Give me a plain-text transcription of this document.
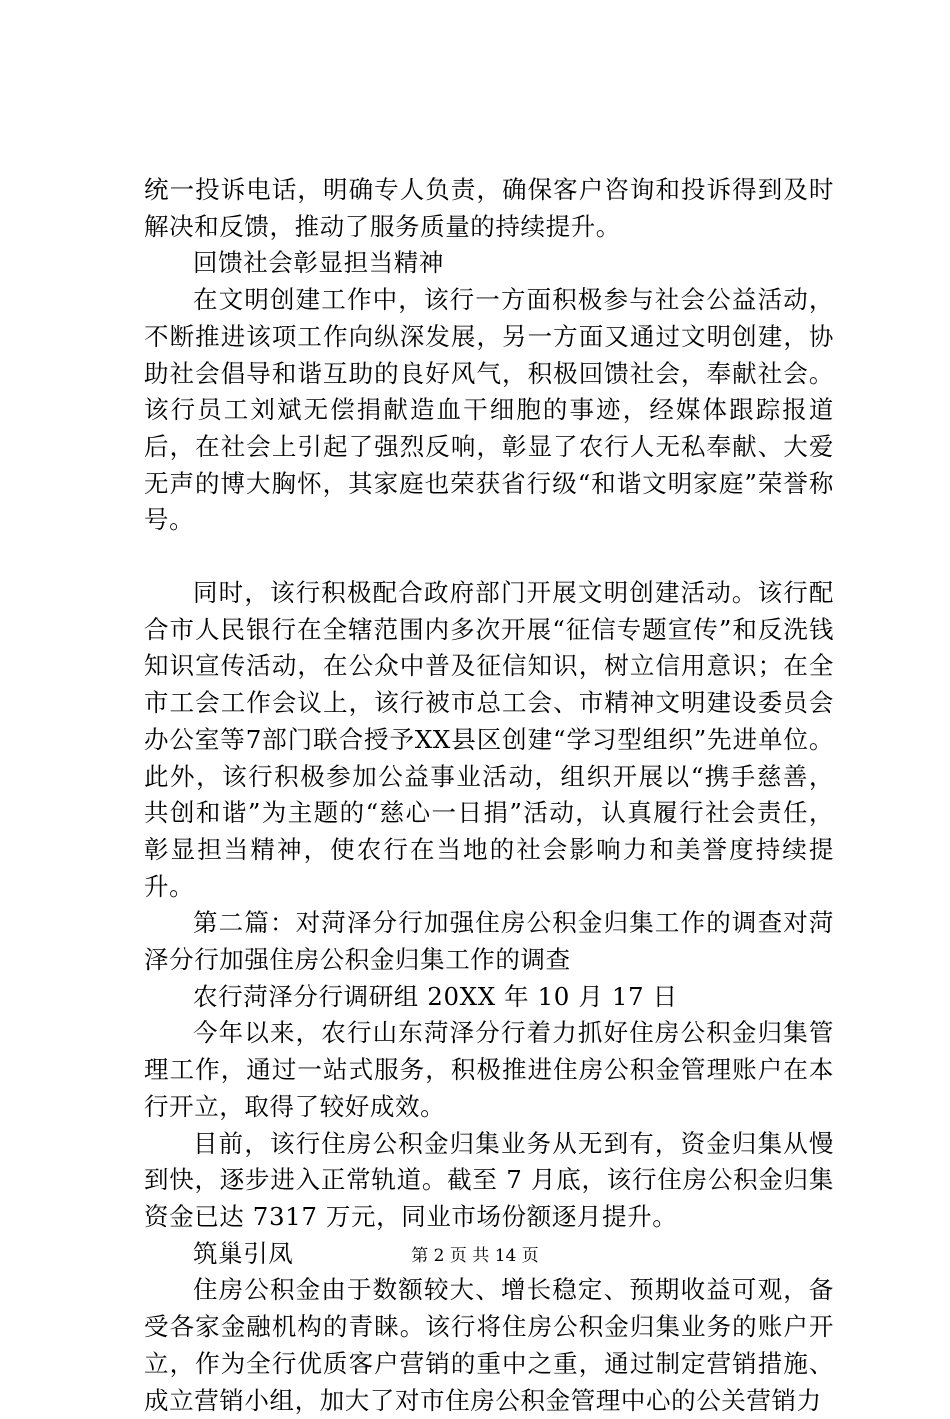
统一投诉电话，明确专人负责，确保客户咨询和投诉得到及时解决和反馈，推动了服务质量的持续提升。

回馈社会彰显担当精神

在文明创建工作中，该行一方面积极参与社会公益活动，不断推进该项工作向纵深发展，另一方面又通过文明创建，协助社会倡导和谐互助的良好风气，积极回馈社会，奉献社会。该行员工刘斌无偿捐献造血干细胞的事迹，经媒体跟踪报道后，在社会上引起了强烈反响，彰显了农行人无私奉献、大爱无声的博大胸怀，其家庭也荣获省行级“和谐文明家庭”荣誉称号。

同时，该行积极配合政府部门开展文明创建活动。该行配合市人民银行在全辖范围内多次开展“征信专题宣传”和反洗钱知识宣传活动，在公众中普及征信知识，树立信用意识；在全市工会工作会议上，该行被市总工会、市精神文明建设委员会办公室等7部门联合授予XX县区创建“学习型组织”先进单位。此外，该行积极参加公益事业活动，组织开展以“携手慈善，共创和谐”为主题的“慈心一日捐”活动，认真履行社会责任，彰显担当精神，使农行在当地的社会影响力和美誉度持续提升。

第二篇：对菏泽分行加强住房公积金归集工作的调查对菏泽分行加强住房公积金归集工作的调查

农行菏泽分行调研组 20XX 年 10 月 17 日

今年以来，农行山东菏泽分行着力抓好住房公积金归集管理工作，通过一站式服务，积极推进住房公积金管理账户在本行开立，取得了较好成效。

目前，该行住房公积金归集业务从无到有，资金归集从慢到快，逐步进入正常轨道。截至 7 月底，该行住房公积金归集资金已达 7317 万元，同业市场份额逐月提升。

筑巢引凤

住房公积金由于数额较大、增长稳定、预期收益可观，备受各家金融机构的青睐。该行将住房公积金归集业务的账户开立，作为全行优质客户营销的重中之重，通过制定营销措施、成立营销小组，加大了对市住房公积金管理中心的公关营销力

第 2 页 共 14 页
